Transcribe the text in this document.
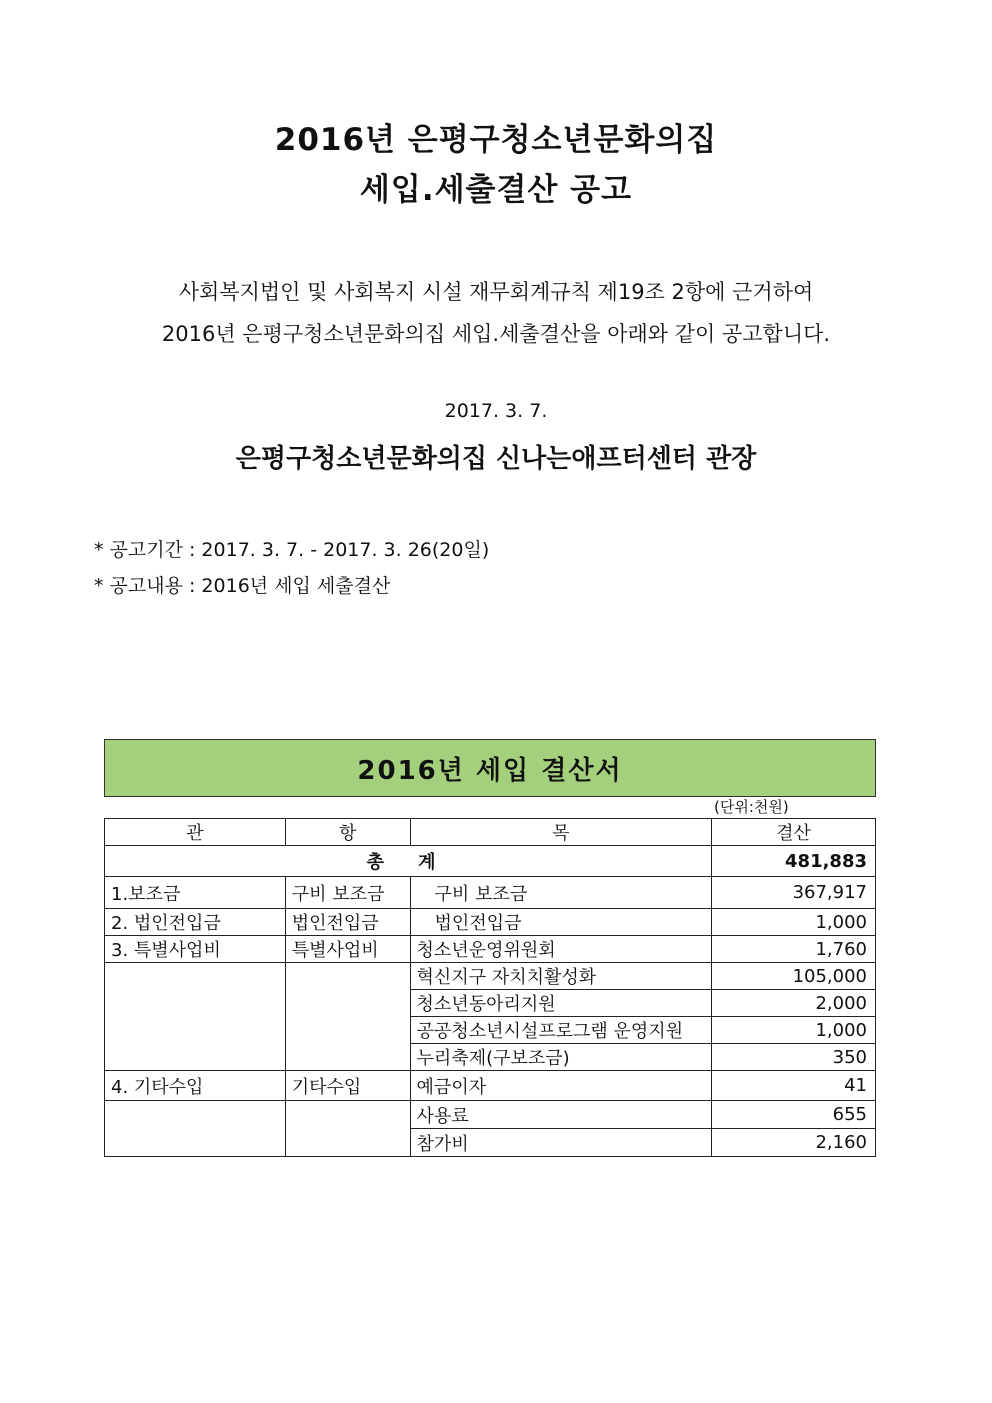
2016년 은평구청소년문화의집
세입.세출결산 공고
사회복지법인 및 사회복지 시설 재무회계규칙 제19조 2항에 근거하여
2016년 은평구청소년문화의집 세입.세출결산을 아래와 같이 공고합니다.
2017. 3. 7.
은평구청소년문화의집 신나는애프터센터 관장
* 공고기간 : 2017. 3. 7. - 2017. 3. 26(20일)
* 공고내용 : 2016년 세입 세출결산
2016년 세입 결산서
(단위:천원)
관	항	목	결산
총 계			481,883
1.보조금	구비 보조금	구비 보조금	367,917
2. 법인전입금	법인전입금	법인전입금	1,000
3. 특별사업비	특별사업비	청소년운영위원회	1,760
		혁신지구 자치치활성화	105,000
		청소년동아리지원	2,000
		공공청소년시설프로그램 운영지원	1,000
		누리축제(구보조금)	350
4. 기타수입	기타수입	예금이자	41
		사용료	655
		참가비	2,160
